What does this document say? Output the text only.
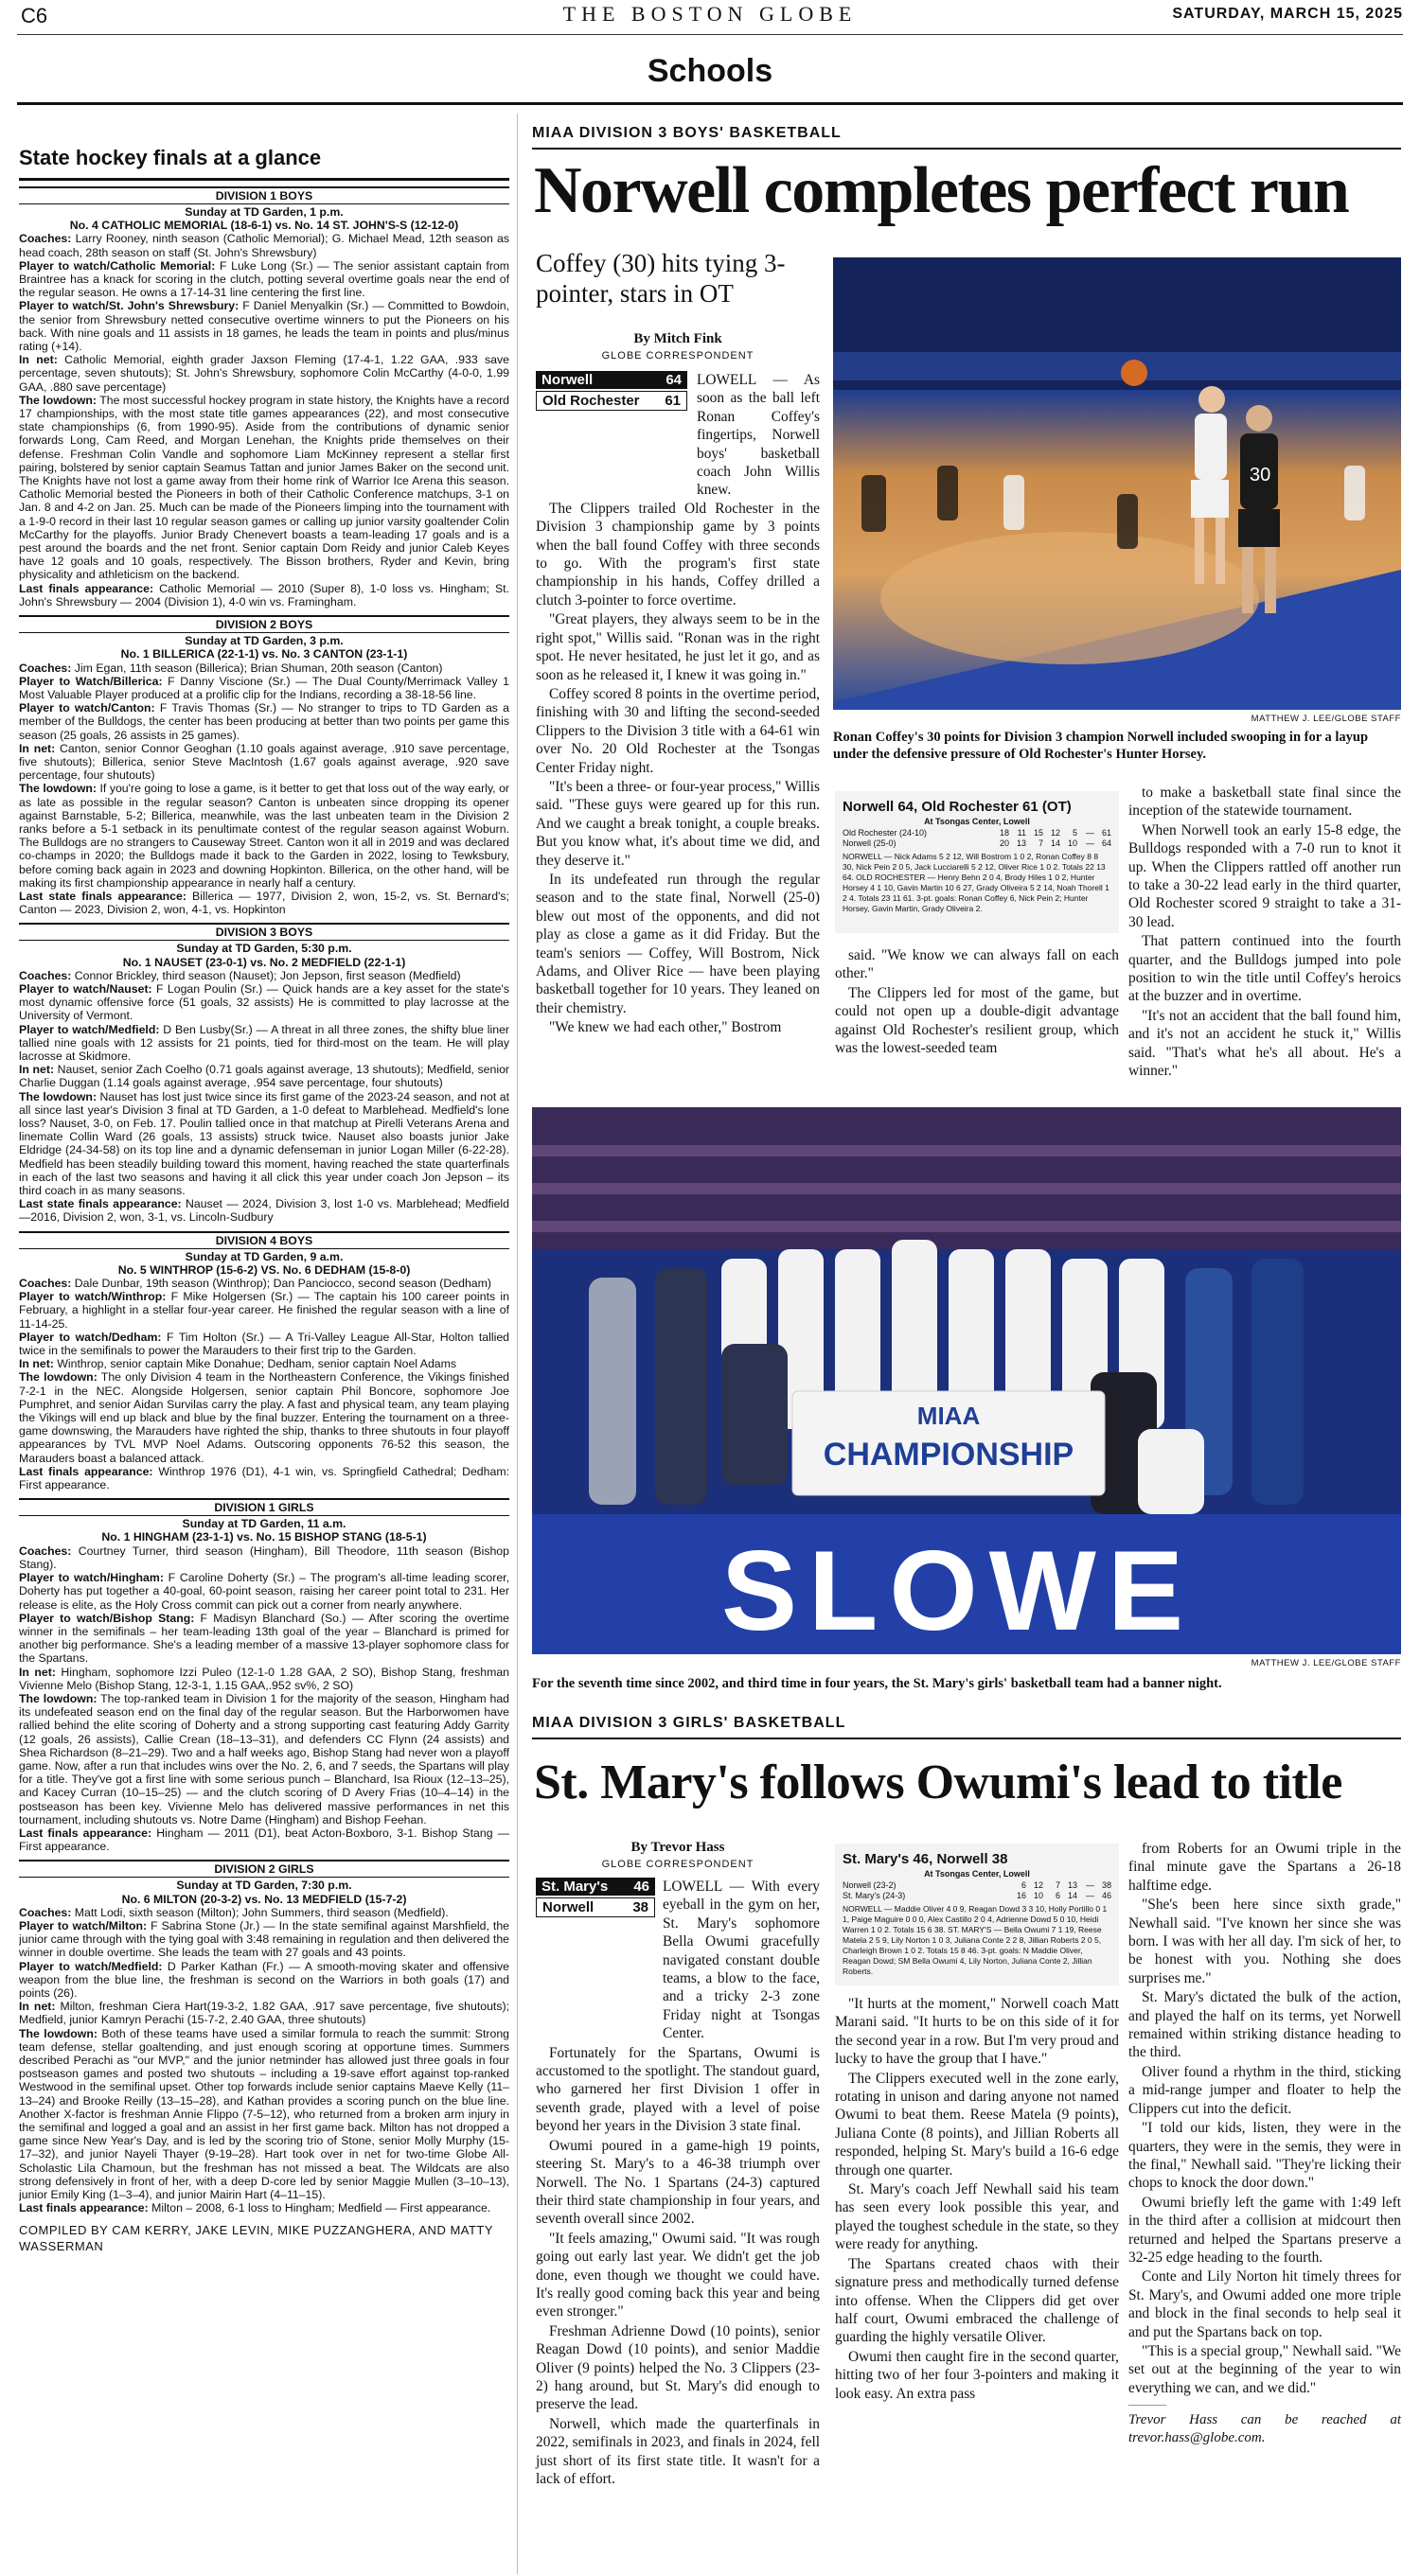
C6	THE BOSTON GLOBE	SATURDAY, MARCH 15, 2025
Schools
State hockey finals at a glance
DIVISION 1 BOYS
Sunday at TD Garden, 1 p.m.
No. 4 CATHOLIC MEMORIAL (18-6-1) vs. No. 14 ST. JOHN'S-S (12-12-0)

Coaches: Larry Rooney, ninth season (Catholic Memorial); G. Michael Mead, 12th season as head coach, 28th season on staff (St. John's Shrewsbury)

Player to watch/Catholic Memorial: F Luke Long (Sr.) — The senior assistant captain from Braintree has a knack for scoring in the clutch, potting several overtime goals near the end of the regular season. He owns a 17-14-31 line centering the first line.

Player to watch/St. John's Shrewsbury: F Daniel Menyalkin (Sr.) — Committed to Bowdoin, the senior from Shrewsbury netted consecutive overtime winners to put the Pioneers on his back. With nine goals and 11 assists in 18 games, he leads the team in points and plus/minus rating (+14).

In net: Catholic Memorial, eighth grader Jaxson Fleming (17-4-1, 1.22 GAA, .933 save percentage, seven shutouts); St. John's Shrewsbury, sophomore Colin McCarthy (4-0-0, 1.99 GAA, .880 save percentage)

The lowdown: The most successful hockey program in state history, the Knights have a record 17 championships, with the most state title games appearances (22), and most consecutive state championships (6, from 1990-95). Aside from the contributions of dynamic senior forwards Long, Cam Reed, and Morgan Lenehan, the Knights pride themselves on their defense. Freshman Colin Vandle and sophomore Liam McKinney represent a stellar first pairing, bolstered by senior captain Seamus Tattan and junior James Baker on the second unit. The Knights have not lost a game away from their home rink of Warrior Ice Arena this season. Catholic Memorial bested the Pioneers in both of their Catholic Conference matchups, 3-1 on Jan. 8 and 4-2 on Jan. 25. Much can be made of the Pioneers limping into the tournament with a 1-9-0 record in their last 10 regular season games or calling up junior varsity goaltender Colin McCarthy for the playoffs. Junior Brady Chenevert boasts a team-leading 17 goals and is a pest around the boards and the net front. Senior captain Dom Reidy and junior Caleb Keyes have 12 goals and 10 goals, respectively. The Bisson brothers, Ryder and Kevin, bring physicality and athleticism on the backend.

Last finals appearance: Catholic Memorial — 2010 (Super 8), 1-0 loss vs. Hingham; St. John's Shrewsbury — 2004 (Division 1), 4-0 win vs. Framingham.

DIVISION 2 BOYS
Sunday at TD Garden, 3 p.m.
No. 1 BILLERICA (22-1-1) vs. No. 3 CANTON (23-1-1)

Coaches: Jim Egan, 11th season (Billerica); Brian Shuman, 20th season (Canton)

Player to Watch/Billerica: F Danny Viscione (Sr.) — The Dual County/Merrimack Valley 1 Most Valuable Player produced at a prolific clip for the Indians, recording a 38-18-56 line.

Player to watch/Canton: F Travis Thomas (Sr.) — No stranger to trips to TD Garden as a member of the Bulldogs, the center has been producing at better than two points per game this season (25 goals, 26 assists in 25 games).

In net: Canton, senior Connor Geoghan (1.10 goals against average, .910 save percentage, five shutouts); Billerica, senior Steve MacIntosh (1.67 goals against average, .920 save percentage, four shutouts)

The lowdown: If you're going to lose a game, is it better to get that loss out of the way early, or as late as possible in the regular season? Canton is unbeaten since dropping its opener against Barnstable, 5-2; Billerica, meanwhile, was the last unbeaten team in the Division 2 ranks before a 5-1 setback in its penultimate contest of the regular season against Woburn. The Bulldogs are no strangers to Causeway Street. Canton won it all in 2019 and was declared co-champs in 2020; the Bulldogs made it back to the Garden in 2022, losing to Tewksbury, before coming back again in 2023 and downing Hopkinton. Billerica, on the other hand, will be making its first championship appearance in nearly half a century.

Last state finals appearance: Billerica — 1977, Division 2, won, 15-2, vs. St. Bernard's; Canton — 2023, Division 2, won, 4-1, vs. Hopkinton

DIVISION 3 BOYS
Sunday at TD Garden, 5:30 p.m.
No. 1 NAUSET (23-0-1) vs. No. 2 MEDFIELD (22-1-1)

Coaches: Connor Brickley, third season (Nauset); Jon Jepson, first season (Medfield)

Player to watch/Nauset: F Logan Poulin (Sr.) — Quick hands are a key asset for the state's most dynamic offensive force (51 goals, 32 assists) He is committed to play lacrosse at the University of Vermont.

Player to watch/Medfield: D Ben Lusby(Sr.) — A threat in all three zones, the shifty blue liner tallied nine goals with 12 assists for 21 points, tied for third-most on the team. He will play lacrosse at Skidmore.

In net: Nauset, senior Zach Coelho (0.71 goals against average, 13 shutouts); Medfield, senior Charlie Duggan (1.14 goals against average, .954 save percentage, four shutouts)

The lowdown: Nauset has lost just twice since its first game of the 2023-24 season, and not at all since last year's Division 3 final at TD Garden, a 1-0 defeat to Marblehead. Medfield's lone loss? Nauset, 3-0, on Feb. 17. Poulin tallied once in that matchup at Pirelli Veterans Arena and linemate Collin Ward (26 goals, 13 assists) struck twice. Nauset also boasts junior Jake Eldridge (24-34-58) on its top line and a dynamic defenseman in junior Logan Miller (6-22-28). Medfield has been steadily building toward this moment, having reached the state quarterfinals in each of the last two seasons and having it all click this year under coach Jon Jepson – its third coach in as many seasons.

Last state finals appearance: Nauset — 2024, Division 3, lost 1-0 vs. Marblehead; Medfield —2016, Division 2, won, 3-1, vs. Lincoln-Sudbury

DIVISION 4 BOYS
Sunday at TD Garden, 9 a.m.
No. 5 WINTHROP (15-6-2) VS. No. 6 DEDHAM (15-8-0)

Coaches: Dale Dunbar, 19th season (Winthrop); Dan Panciocco, second season (Dedham)

Player to watch/Winthrop: F Mike Holgersen (Sr.) — The captain his 100 career points in February, a highlight in a stellar four-year career. He finished the regular season with a line of 11-14-25.

Player to watch/Dedham: F Tim Holton (Sr.) — A Tri-Valley League All-Star, Holton tallied twice in the semifinals to power the Marauders to their first trip to the Garden.

In net: Winthrop, senior captain Mike Donahue; Dedham, senior captain Noel Adams

The lowdown: The only Division 4 team in the Northeastern Conference, the Vikings finished 7-2-1 in the NEC. Alongside Holgersen, senior captain Phil Boncore, sophomore Joe Pumphret, and senior Aidan Survilas carry the play. A fast and physical team, any team playing the Vikings will end up black and blue by the final buzzer. Entering the tournament on a three-game downswing, the Marauders have righted the ship, thanks to three shutouts in four playoff appearances by TVL MVP Noel Adams. Outscoring opponents 76-52 this season, the Marauders boast a balanced attack.

Last finals appearance: Winthrop 1976 (D1), 4-1 win, vs. Springfield Cathedral; Dedham: First appearance.

DIVISION 1 GIRLS
Sunday at TD Garden, 11 a.m.
No. 1 HINGHAM (23-1-1) vs. No. 15 BISHOP STANG (18-5-1)

Coaches: Courtney Turner, third season (Hingham), Bill Theodore, 11th season (Bishop Stang).

Player to watch/Hingham: F Caroline Doherty (Sr.) – The program's all-time leading scorer, Doherty has put together a 40-goal, 60-point season, raising her career point total to 231. Her release is elite, as the Holy Cross commit can pick out a corner from nearly anywhere.

Player to watch/Bishop Stang: F Madisyn Blanchard (So.) — After scoring the overtime winner in the semifinals – her team-leading 13th goal of the year – Blanchard is primed for another big performance. She's a leading member of a massive 13-player sophomore class for the Spartans.

In net: Hingham, sophomore Izzi Puleo (12-1-0 1.28 GAA, 2 SO), Bishop Stang, freshman Vivienne Melo (Bishop Stang, 12-3-1, 1.15 GAA,.952 sv%, 2 SO)

The lowdown: The top-ranked team in Division 1 for the majority of the season, Hingham had its undefeated season end on the final day of the regular season. But the Harborwomen have rallied behind the elite scoring of Doherty and a strong supporting cast featuring Addy Garrity (12 goals, 26 assists), Callie Crean (18–13–31), and defenders CC Flynn (24 assists) and Shea Richardson (8–21–29). Two and a half weeks ago, Bishop Stang had never won a playoff game. Now, after a run that includes wins over the No. 2, 6, and 7 seeds, the Spartans will play for a title. They've got a first line with some serious punch – Blanchard, Isa Rioux (12–13–25), and Kacey Curran (10–15–25) — and the clutch scoring of D Avery Frias (10–4–14) in the postseason has been key. Vivienne Melo has delivered massive performances in net this tournament, including shutouts vs. Notre Dame (Hingham) and Bishop Feehan.

Last finals appearance: Hingham — 2011 (D1), beat Acton-Boxboro, 3-1. Bishop Stang — First appearance.

DIVISION 2 GIRLS
Sunday at TD Garden, 7:30 p.m.
No. 6 MILTON (20-3-2) vs. No. 13 MEDFIELD (15-7-2)

Coaches: Matt Lodi, sixth season (Milton); John Summers, third season (Medfield).

Player to watch/Milton: F Sabrina Stone (Jr.) — In the state semifinal against Marshfield, the junior came through with the tying goal with 3:48 remaining in regulation and then delivered the winner in double overtime. She leads the team with 27 goals and 43 points.

Player to watch/Medfield: D Parker Kathan (Fr.) — A smooth-moving skater and offensive weapon from the blue line, the freshman is second on the Warriors in both goals (17) and points (26).

In net: Milton, freshman Ciera Hart(19-3-2, 1.82 GAA, .917 save percentage, five shutouts); Medfield, junior Kamryn Perachi (15-7-2, 2.40 GAA, three shutouts)

The lowdown: Both of these teams have used a similar formula to reach the summit: Strong team defense, stellar goaltending, and just enough scoring at opportune times. Summers described Perachi as "our MVP," and the junior netminder has allowed just three goals in four postseason games and posted two shutouts – including a 19-save effort against top-ranked Westwood in the semifinal upset. Other top forwards include senior captains Maeve Kelly (11–13–24) and Brooke Reilly (13–15–28), and Kathan provides a scoring punch on the blue line. Another X-factor is freshman Annie Flippo (7-5–12), who returned from a broken arm injury in the semifinal and logged a goal and an assist in her first game back. Milton has not dropped a game since New Year's Day, and is led by the scoring trio of Stone, senior Molly Murphy (15-17–32), and junior Nayeli Thayer (9-19–28). Hart took over in net for two-time Globe All-Scholastic Lila Chamoun, but the freshman has not missed a beat. The Wildcats are also strong defensively in front of her, with a deep D-core led by senior Maggie Mullen (3–10–13), junior Emily King (1–3–4), and junior Mairin Hart (4–11–15).

Last finals appearance: Milton – 2008, 6-1 loss to Hingham; Medfield — First appearance.

COMPILED BY CAM KERRY, JAKE LEVIN, MIKE PUZZANGHERA, AND MATTY WASSERMAN
MIAA DIVISION 3 BOYS' BASKETBALL
Norwell completes perfect run
Coffey (30) hits tying 3-pointer, stars in OT
By Mitch Fink
GLOBE CORRESPONDENT
Norwell	64
Old Rochester 61

LOWELL — As soon as the ball left Ronan Coffey's fingertips, Norwell boys' basketball coach John Willis knew.

The Clippers trailed Old Rochester in the Division 3 championship game by 3 points when the ball found Coffey with three seconds to go. With the program's first state championship in his hands, Coffey drilled a clutch 3-pointer to force overtime.

"Great players, they always seem to be in the right spot," Willis said. "Ronan was in the right spot. He never hesitated, he just let it go, and as soon as he released it, I knew it was going in."

Coffey scored 8 points in the overtime period, finishing with 30 and lifting the second-seeded Clippers to the Division 3 title with a 64-61 win over No. 20 Old Rochester at the Tsongas Center Friday night.

"It's been a three- or four-year process," Willis said. "These guys were geared up for this run. And we caught a break tonight, a couple breaks. But you know what, it's about time we did, and they deserve it."

In its undefeated run through the regular season and to the state final, Norwell (25-0) blew out most of the opponents, and did not play as close a game as it did Friday. But the team's seniors — Coffey, Will Bostrom, Nick Adams, and Oliver Rice — have been playing basketball together for 10 years. They leaned on their chemistry.

"We knew we had each other," Bostrom

30
MATTHEW J. LEE/GLOBE STAFF
Ronan Coffey's 30 points for Division 3 champion Norwell included swooping in for a layup under the defensive pressure of Old Rochester's Hunter Horsey.
Norwell 64, Old Rochester 61 (OT)
At Tsongas Center, Lowell
Old Rochester (24-10)	18 11 15 12	5	— 61
Norwell (25-0)	20 13	7 14 10	— 64
NORWELL — Nick Adams 5 2 12, Will Bostrom 1 0 2, Ronan Coffey 8 8 30, Nick Pein 2 0 5, Jack Lucciarelli 5 2 12, Oliver Rice 1 0 2. Totals 22 13 64. OLD ROCHESTER — Henry Behn 2 0 4, Brody Hiles 1 0 2, Hunter Horsey 4 1 10, Gavin Martin 10 6 27, Grady Oliveira 5 2 14, Noah Thorell 1 2 4. Totals 23 11 61. 3-pt. goals: Ronan Coffey 6, Nick Pein 2; Hunter Horsey, Gavin Martin, Grady Oliveira 2.

said. "We know we can always fall on each other."

The Clippers led for most of the game, but could not open up a double-digit advantage against Old Rochester's resilient group, which was the lowest-seeded team

to make a basketball state final since the inception of the statewide tournament.

When Norwell took an early 15-8 edge, the Bulldogs responded with a 7-0 run to knot it up. When the Clippers rattled off another run to take a 30-22 lead early in the third quarter, Old Rochester scored 9 straight to take a 31-30 lead.

That pattern continued into the fourth quarter, and the Bulldogs jumped into pole position to win the title until Coffey's heroics at the buzzer and in overtime.

"It's not an accident that the ball found him, and it's not an accident he stuck it," Willis said. "That's what he's all about. He's a winner."

MIAA
CHAMPIONSHIP
SLOWE
MATTHEW J. LEE/GLOBE STAFF
For the seventh time since 2002, and third time in four years, the St. Mary's girls' basketball team had a banner night.
MIAA DIVISION 3 GIRLS' BASKETBALL
St. Mary's follows Owumi's lead to title
By Trevor Hass
GLOBE CORRESPONDENT
St. Mary's 46
Norwell	38

LOWELL — With every eyeball in the gym on her, St. Mary's sophomore Bella Owumi gracefully navigated constant double teams, a blow to the face, and a tricky 2-3 zone Friday night at Tsongas Center.

Fortunately for the Spartans, Owumi is accustomed to the spotlight. The standout guard, who garnered her first Division 1 offer in seventh grade, played with a level of poise beyond her years in the Division 3 state final.

Owumi poured in a game-high 19 points, steering St. Mary's to a 46-38 triumph over Norwell. The No. 1 Spartans (24-3) captured their third state championship in four years, and seventh overall since 2002.

"It feels amazing," Owumi said. "It was rough going out early last year. We didn't get the job done, even though we thought we could have. It's really good coming back this year and being even stronger."

Freshman Adrienne Dowd (10 points), senior Reagan Dowd (10 points), and senior Maddie Oliver (9 points) helped the No. 3 Clippers (23-2) hang around, but St. Mary's did enough to preserve the lead.

Norwell, which made the quarterfinals in 2022, semifinals in 2023, and finals in 2024, fell just short of its first state title. It wasn't for a lack of effort.

St. Mary's 46, Norwell 38
At Tsongas Center, Lowell
Norwell (23-2)	6 12	7 13	— 38
St. Mary's (24-3)	16 10	6 14	— 46
NORWELL — Maddie Oliver 4 0 9, Reagan Dowd 3 3 10, Holly Portillo 0 1 1, Paige Maguire 0 0 0, Alex Castillo 2 0 4, Adrienne Dowd 5 0 10, Heidi Warren 1 0 2. Totals 15 6 38. ST. MARY'S — Bella Owumi 7 1 19, Reese Matela 2 5 9, Lily Norton 1 0 3, Juliana Conte 2 2 8, Jillian Roberts 2 0 5, Charleigh Brown 1 0 2. Totals 15 8 46. 3-pt. goals: N Maddie Oliver, Reagan Dowd; SM Bella Owumi 4, Lily Norton, Juliana Conte 2, Jillian Roberts.

"It hurts at the moment," Norwell coach Matt Marani said. "It hurts to be on this side of it for the second year in a row. But I'm very proud and lucky to have the group that I have."

The Clippers executed well in the zone early, rotating in unison and daring anyone not named Owumi to beat them. Reese Matela (9 points), Juliana Conte (8 points), and Jillian Roberts all responded, helping St. Mary's build a 16-6 edge through one quarter.

St. Mary's coach Jeff Newhall said his team has seen every look possible this year, and played the toughest schedule in the state, so they were ready for anything.

The Spartans created chaos with their signature press and methodically turned defense into offense. When the Clippers did get over half court, Owumi embraced the challenge of guarding the highly versatile Oliver.

Owumi then caught fire in the second quarter, hitting two of her four 3-pointers and making it look easy. An extra pass

from Roberts for an Owumi triple in the final minute gave the Spartans a 26-18 halftime edge.

"She's been here since sixth grade," Newhall said. "I've known her since she was born. I was with her all day. I'm sick of her, to be honest with you. Nothing she does surprises me."

St. Mary's dictated the bulk of the action, and played the half on its terms, yet Norwell remained within striking distance heading to the third.

Oliver found a rhythm in the third, sticking a mid-range jumper and floater to help the Clippers cut into the deficit.

"I told our kids, listen, they were in the quarters, they were in the semis, they were in the final," Newhall said. "They're licking their chops to knock the door down."

Owumi briefly left the game with 1:49 left in the third after a collision at midcourt then returned and helped the Spartans preserve a 32-25 edge heading to the fourth.

Conte and Lily Norton hit timely threes for St. Mary's, and Owumi added one more triple and block in the final seconds to help seal it and put the Spartans back on top.

"This is a special group," Newhall said. "We set out at the beginning of the year to win everything we can, and we did."

Trevor Hass can be reached at trevor.hass@globe.com.
